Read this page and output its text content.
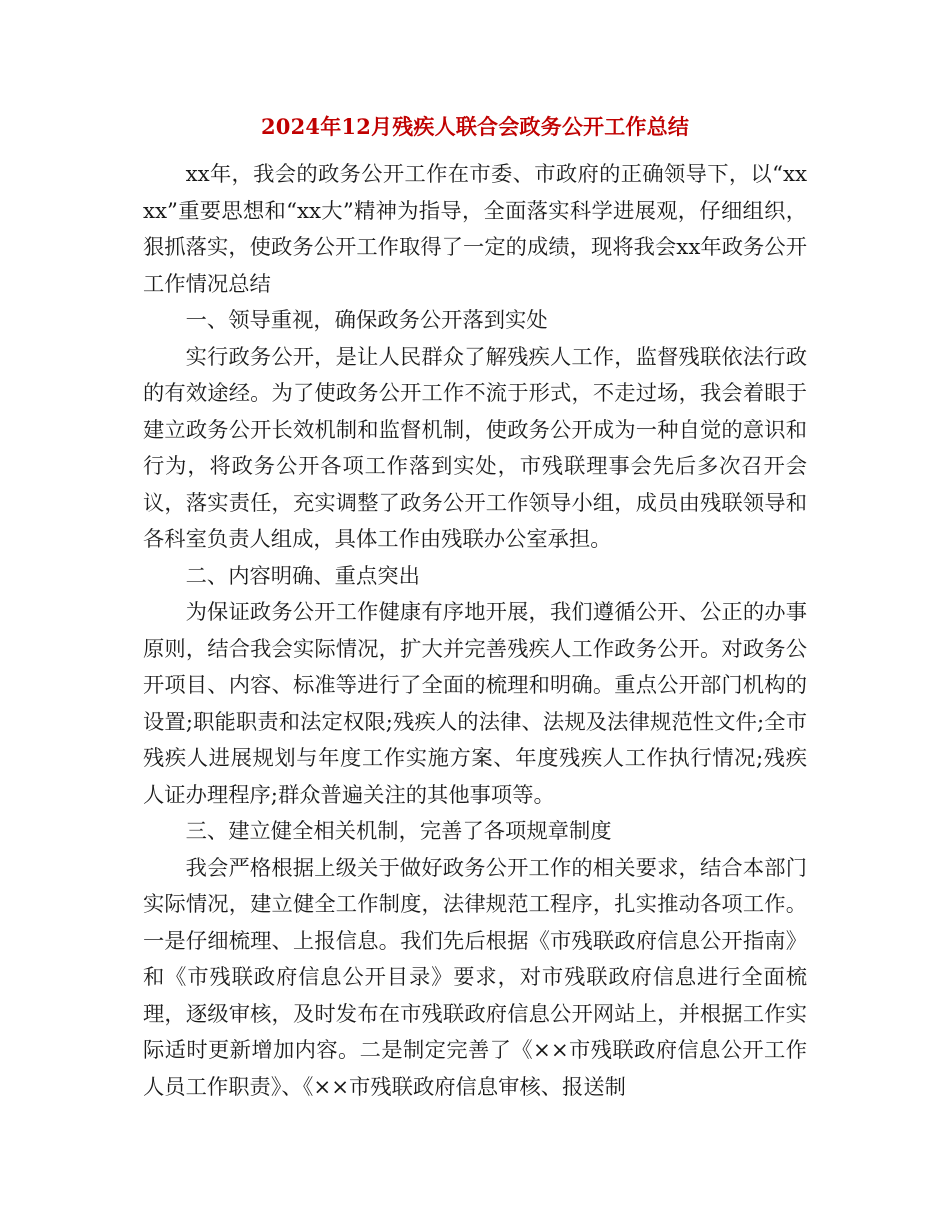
2024年12月残疾人联合会政务公开工作总结

xx年，我会的政务公开工作在市委、市政府的正确领导下，以“xxxx”重要思想和“xx大”精神为指导，全面落实科学进展观，仔细组织，狠抓落实，使政务公开工作取得了一定的成绩，现将我会xx年政务公开工作情况总结

一、领导重视，确保政务公开落到实处

实行政务公开，是让人民群众了解残疾人工作，监督残联依法行政的有效途经。为了使政务公开工作不流于形式，不走过场，我会着眼于建立政务公开长效机制和监督机制，使政务公开成为一种自觉的意识和行为，将政务公开各项工作落到实处，市残联理事会先后多次召开会议，落实责任，充实调整了政务公开工作领导小组，成员由残联领导和各科室负责人组成，具体工作由残联办公室承担。

二、内容明确、重点突出

为保证政务公开工作健康有序地开展，我们遵循公开、公正的办事原则，结合我会实际情况，扩大并完善残疾人工作政务公开。对政务公开项目、内容、标准等进行了全面的梳理和明确。重点公开部门机构的设置;职能职责和法定权限;残疾人的法律、法规及法律规范性文件;全市残疾人进展规划与年度工作实施方案、年度残疾人工作执行情况;残疾人证办理程序;群众普遍关注的其他事项等。

三、建立健全相关机制，完善了各项规章制度

我会严格根据上级关于做好政务公开工作的相关要求，结合本部门实际情况，建立健全工作制度，法律规范工程序，扎实推动各项工作。一是仔细梳理、上报信息。我们先后根据《市残联政府信息公开指南》和《市残联政府信息公开目录》要求，对市残联政府信息进行全面梳理，逐级审核，及时发布在市残联政府信息公开网站上，并根据工作实际适时更新增加内容。二是制定完善了《××市残联政府信息公开工作人员工作职责》、《××市残联政府信息审核、报送制
